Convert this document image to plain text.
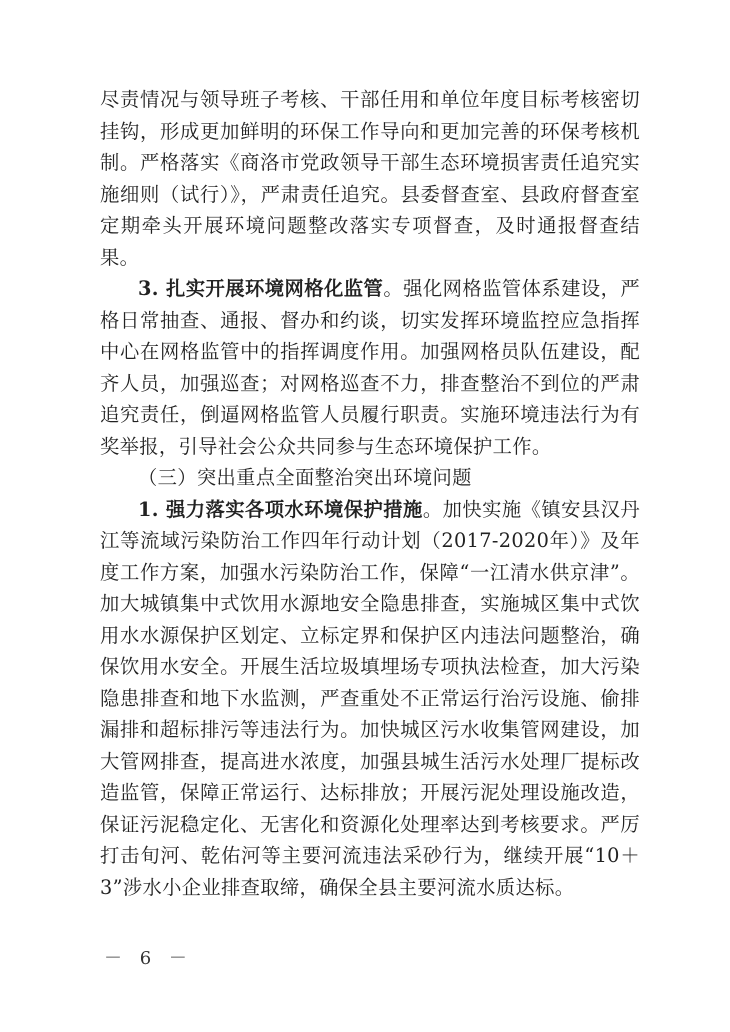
尽责情况与领导班子考核、干部任用和单位年度目标考核密切挂钩，形成更加鲜明的环保工作导向和更加完善的环保考核机制。严格落实《商洛市党政领导干部生态环境损害责任追究实施细则（试行）》，严肃责任追究。县委督查室、县政府督查室定期牵头开展环境问题整改落实专项督查，及时通报督查结果。

3. 扎实开展环境网格化监管。强化网格监管体系建设，严格日常抽查、通报、督办和约谈，切实发挥环境监控应急指挥中心在网格监管中的指挥调度作用。加强网格员队伍建设，配齐人员，加强巡查；对网格巡查不力，排查整治不到位的严肃追究责任，倒逼网格监管人员履行职责。实施环境违法行为有奖举报，引导社会公众共同参与生态环境保护工作。

（三）突出重点全面整治突出环境问题

1. 强力落实各项水环境保护措施。加快实施《镇安县汉丹江等流域污染防治工作四年行动计划（2017-2020年）》及年度工作方案，加强水污染防治工作，保障“一江清水供京津”。加大城镇集中式饮用水源地安全隐患排查，实施城区集中式饮用水水源保护区划定、立标定界和保护区内违法问题整治，确保饮用水安全。开展生活垃圾填埋场专项执法检查，加大污染隐患排查和地下水监测，严查重处不正常运行治污设施、偷排漏排和超标排污等违法行为。加快城区污水收集管网建设，加大管网排查，提高进水浓度，加强县城生活污水处理厂提标改造监管，保障正常运行、达标排放；开展污泥处理设施改造，保证污泥稳定化、无害化和资源化处理率达到考核要求。严厉打击旬河、乾佑河等主要河流违法采砂行为，继续开展“10＋3”涉水小企业排查取缔，确保全县主要河流水质达标。

－ 6 －
